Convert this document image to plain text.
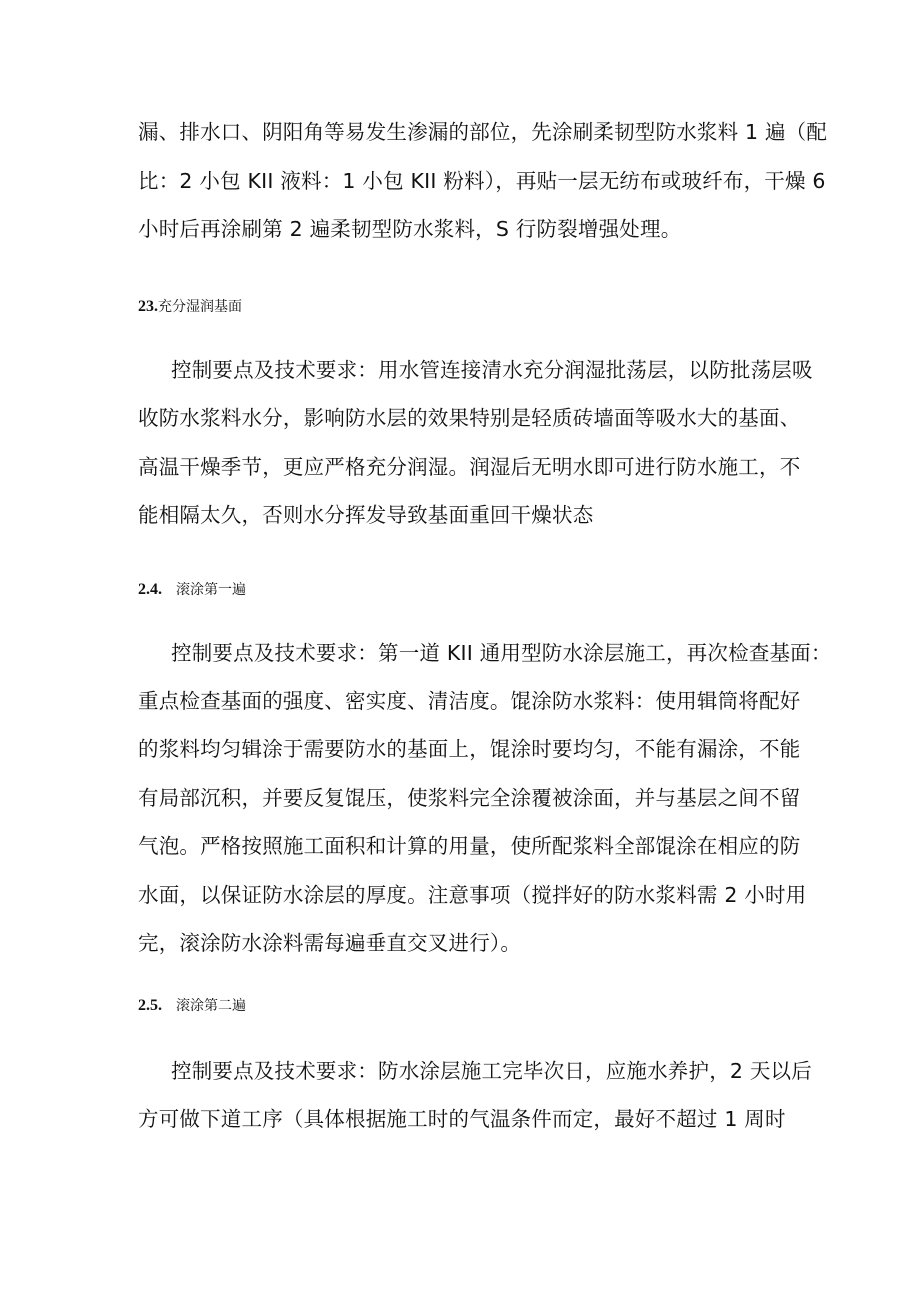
漏、排水口、阴阳角等易发生渗漏的部位，先涂刷柔韧型防水浆料 1 遍（配
比：2 小包 KII 液料：1 小包 KII 粉料），再贴一层无纺布或玻纤布，干燥 6
小时后再涂刷第 2 遍柔韧型防水浆料，S 行防裂增强处理。
23.充分湿润基面
控制要点及技术要求：用水管连接清水充分润湿批荡层，以防批荡层吸
收防水浆料水分，影响防水层的效果特别是轻质砖墙面等吸水大的基面、
高温干燥季节，更应严格充分润湿。润湿后无明水即可进行防水施工，不
能相隔太久，否则水分挥发导致基面重回干燥状态
2.4. 滚涂第一遍
控制要点及技术要求：第一道 KII 通用型防水涂层施工，再次检查基面：
重点检查基面的强度、密实度、清洁度。馄涂防水浆料：使用辑筒将配好
的浆料均匀辑涂于需要防水的基面上，馄涂时要均匀，不能有漏涂，不能
有局部沉积，并要反复馄压，使浆料完全涂覆被涂面，并与基层之间不留
气泡。严格按照施工面积和计算的用量，使所配浆料全部馄涂在相应的防
水面，以保证防水涂层的厚度。注意事项（搅拌好的防水浆料需 2 小时用
完，滚涂防水涂料需每遍垂直交叉进行）。
2.5. 滚涂第二遍
控制要点及技术要求：防水涂层施工完毕次日，应施水养护，2 天以后
方可做下道工序（具体根据施工时的气温条件而定，最好不超过 1 周时
